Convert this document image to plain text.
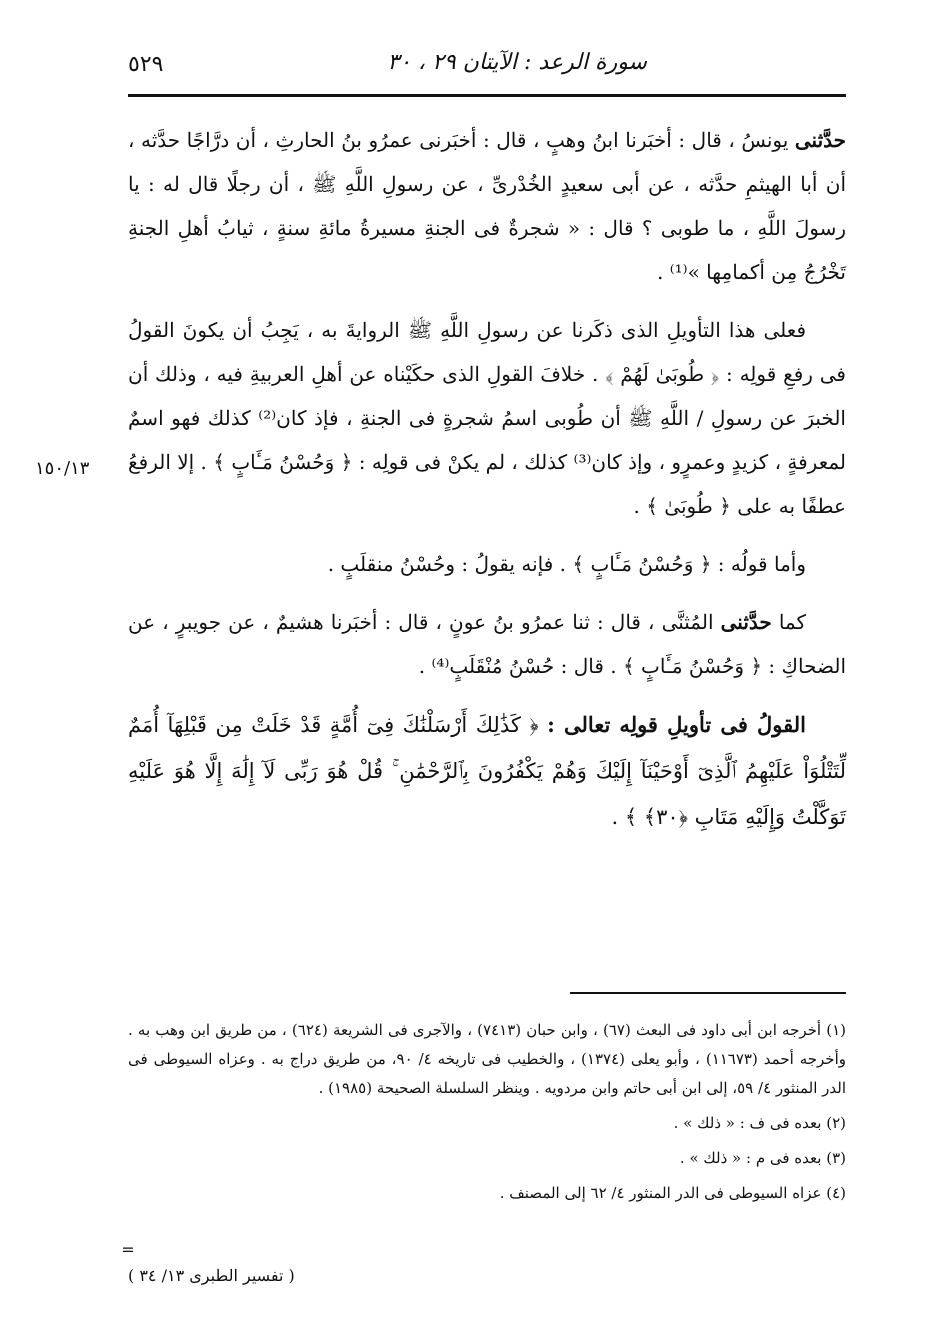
٥٢٩	سورة الرعد : الآيتان ٢٩ ، ٣٠

حدَّثنى يونسُ ، قال : أخبَرنا ابنُ وهبٍ ، قال : أخبَرنى عمرُو بنُ الحارثِ ، أن درَّاجًا حدَّثه ، أن أبا الهيثمِ حدَّثه ، عن أبى سعيدٍ الخُدْرىِّ ، عن رسولِ اللَّهِ ﷺ ، أن رجلًا قال له : يا رسولَ اللَّهِ ، ما طوبى ؟ قال : « شجرةٌ فى الجنةِ مسيرةُ مائةِ سنةٍ ، ثيابُ أهلِ الجنةِ تَخْرُجُ مِن أكمامِها »⁽¹⁾ .

فعلى هذا التأويلِ الذى ذكَرنا عن رسولِ اللَّهِ ﷺ الروايةَ به ، يَجِبُ أن يكونَ القولُ فى رفعِ قولِه : ﴿ طُوبَىٰ لَهُمْ ﴾ . خلافَ القولِ الذى حكَيْناه عن أهلِ العربيةِ فيه ، وذلك أن الخبرَ عن رسولِ / اللَّهِ ﷺ أن طُوبى اسمُ شجرةٍ فى الجنةِ ، فإذ كان⁽²⁾ كذلك فهو اسمٌ لمعرفةٍ ، كزيدٍ وعمرٍو ، وإذ كان⁽³⁾ كذلك ، لم يكنْ فى قولِه : ﴿ وَحُسْنُ مَـَٔابٍ ﴾ . إلا الرفعُ عطفًا به على ﴿ طُوبَىٰ ﴾ .

وأما قولُه : ﴿ وَحُسْنُ مَـَٔابٍ ﴾ . فإنه يقولُ : وحُسْنُ منقلَبٍ .

كما حدَّثنى المُثنَّى ، قال : ثنا عمرُو بنُ عونٍ ، قال : أخبَرنا هشيمٌ ، عن جويبرٍ ، عن الضحاكِ : ﴿ وَحُسْنُ مَـَٔابٍ ﴾ . قال : حُسْنُ مُنْقَلَبٍ⁽⁴⁾ .

القولُ فى تأويلِ قولِه تعالى : ﴿ كَذَٰلِكَ أَرْسَلْنَٰكَ فِىٓ أُمَّةٍ قَدْ خَلَتْ مِن قَبْلِهَآ أُمَمٌ لِّتَتْلُوَاْ عَلَيْهِمُ ٱلَّذِىٓ أَوْحَيْنَآ إِلَيْكَ وَهُمْ يَكْفُرُونَ بِٱلرَّحْمَٰنِ ۚ قُلْ هُوَ رَبِّى لَآ إِلَٰهَ إِلَّا هُوَ عَلَيْهِ تَوَكَّلْتُ وَإِلَيْهِ مَتَابِ ﴿٣٠﴾ ﴾ .

١٥٠/١٣

(١) أخرجه ابن أبى داود فى البعث (٦٧) ، وابن حبان (٧٤١٣) ، والآجرى فى الشريعة (٦٢٤) ، من طريق ابن وهب به . وأخرجه أحمد (١١٦٧٣) ، وأبو يعلى (١٣٧٤) ، والخطيب فى تاريخه ٤/ ٩٠، من طريق دراج به . وعزاه السيوطى فى الدر المنثور ٤/ ٥٩، إلى ابن أبى حاتم وابن مردويه . وينظر السلسلة الصحيحة (١٩٨٥) .

(٢) بعده فى ف : « ذلك » .

(٣) بعده فى م : « ذلك » .

(٤) عزاه السيوطى فى الدر المنثور ٤/ ٦٢ إلى المصنف .

=
( تفسير الطبرى ١٣/ ٣٤ )
